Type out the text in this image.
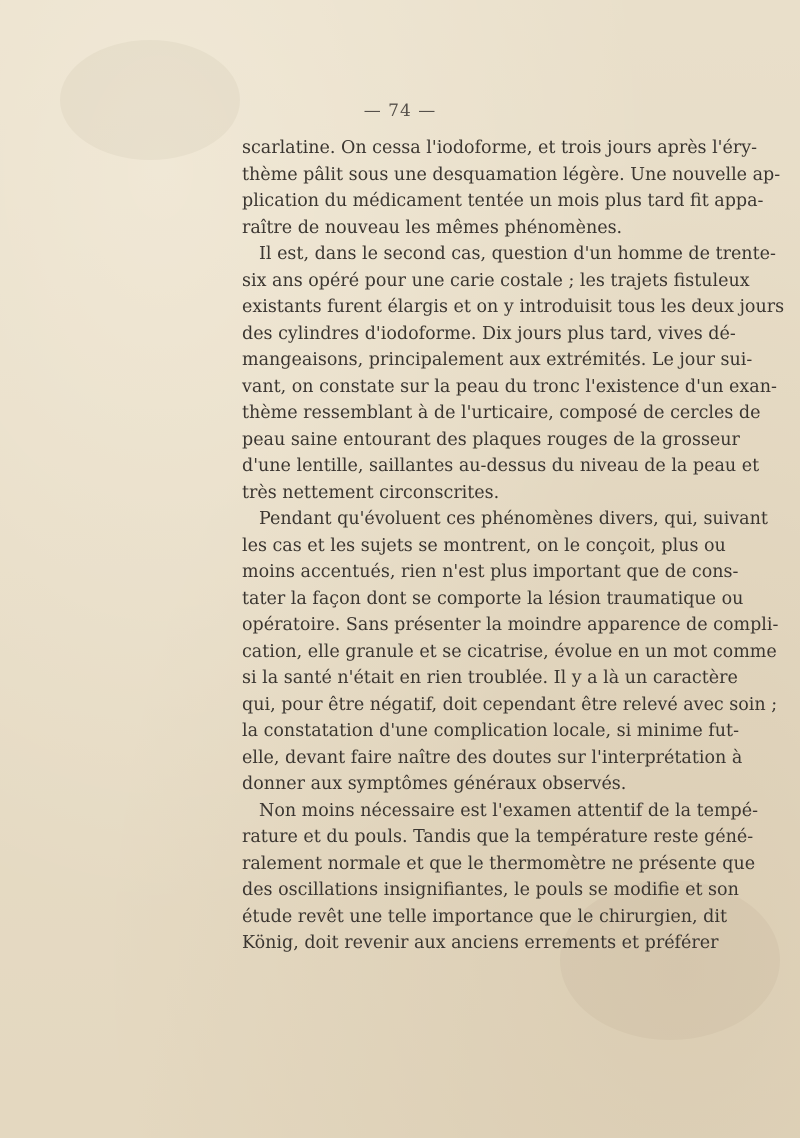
— 74 —

scarlatine. On cessa l'iodoforme, et trois jours après l'éry-
thème pâlit sous une desquamation légère. Une nouvelle ap-
plication du médicament tentée un mois plus tard fit appa-
raître de nouveau les mêmes phénomènes.

Il est, dans le second cas, question d'un homme de trente-
six ans opéré pour une carie costale ; les trajets fistuleux
existants furent élargis et on y introduisit tous les deux jours
des cylindres d'iodoforme. Dix jours plus tard, vives dé-
mangeaisons, principalement aux extrémités. Le jour sui-
vant, on constate sur la peau du tronc l'existence d'un exan-
thème ressemblant à de l'urticaire, composé de cercles de
peau saine entourant des plaques rouges de la grosseur
d'une lentille, saillantes au-dessus du niveau de la peau et
très nettement circonscrites.

Pendant qu'évoluent ces phénomènes divers, qui, suivant
les cas et les sujets se montrent, on le conçoit, plus ou
moins accentués, rien n'est plus important que de cons-
tater la façon dont se comporte la lésion traumatique ou
opératoire. Sans présenter la moindre apparence de compli-
cation, elle granule et se cicatrise, évolue en un mot comme
si la santé n'était en rien troublée. Il y a là un caractère
qui, pour être négatif, doit cependant être relevé avec soin ;
la constatation d'une complication locale, si minime fut-
elle, devant faire naître des doutes sur l'interprétation à
donner aux symptômes généraux observés.

Non moins nécessaire est l'examen attentif de la tempé-
rature et du pouls. Tandis que la température reste géné-
ralement normale et que le thermomètre ne présente que
des oscillations insignifiantes, le pouls se modifie et son
étude revêt une telle importance que le chirurgien, dit
König, doit revenir aux anciens errements et préférer
